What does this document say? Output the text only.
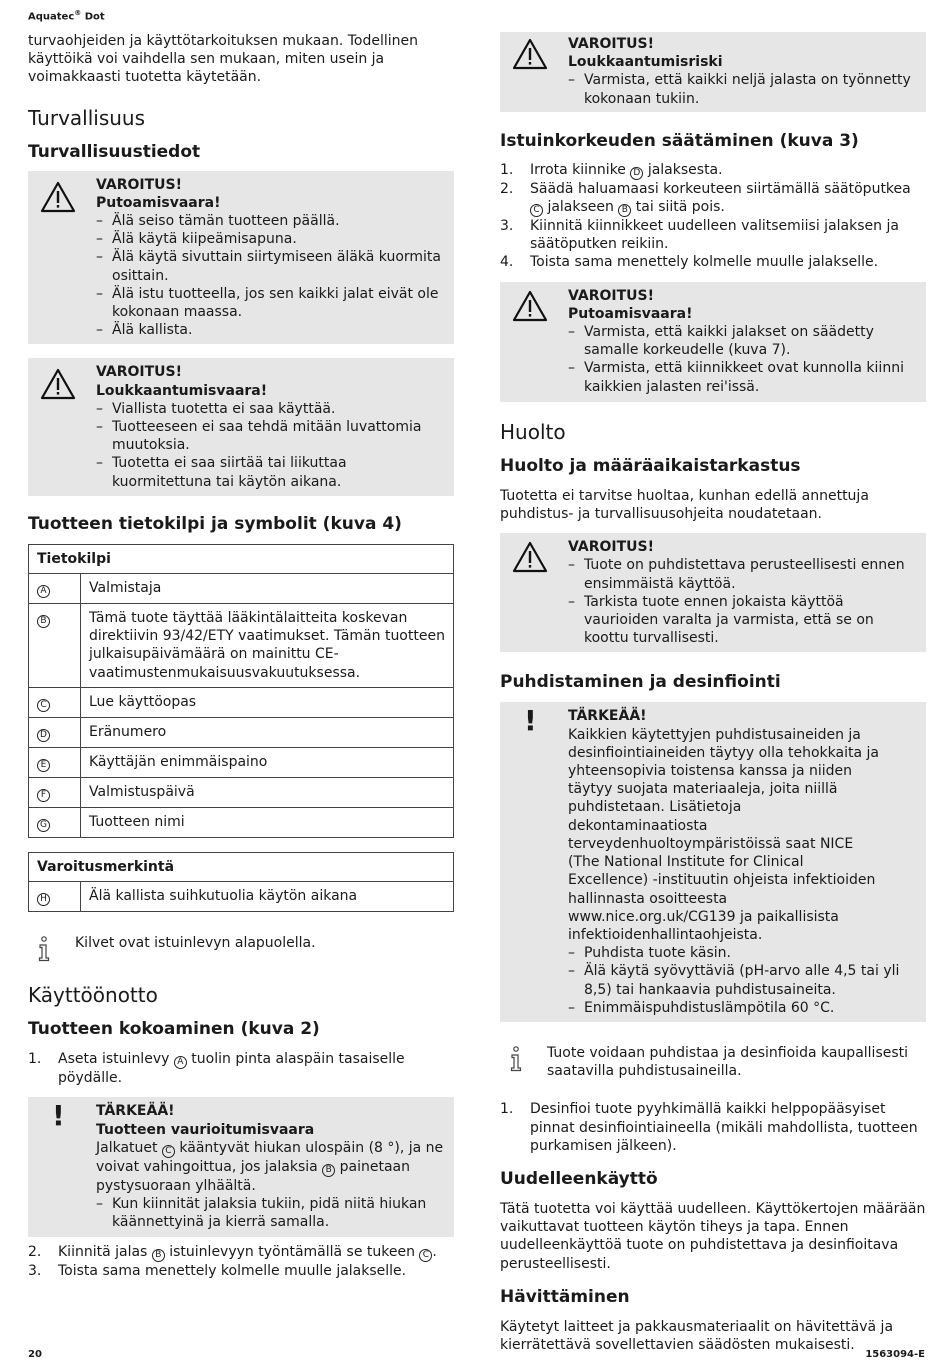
Aquatec® Dot

turvaohjeiden ja käyttötarkoituksen mukaan. Todellinen käyttöikä voi vaihdella sen mukaan, miten usein ja voimakkaasti tuotetta käytetään.

Turvallisuus
Turvallisuustiedot
VAROITUS!
Putoamisvaara!
– Älä seiso tämän tuotteen päällä.
– Älä käytä kiipeämisapuna.
– Älä käytä sivuttain siirtymiseen äläkä kuormita osittain.
– Älä istu tuotteella, jos sen kaikki jalat eivät ole kokonaan maassa.
– Älä kallista.
VAROITUS!
Loukkaantumisvaara!
– Viallista tuotetta ei saa käyttää.
– Tuotteeseen ei saa tehdä mitään luvattomia muutoksia.
– Tuotetta ei saa siirtää tai liikuttaa kuormitettuna tai käytön aikana.
Tuotteen tietokilpi ja symbolit (kuva 4)
Tietokilpi	
A	Valmistaja
B	Tämä tuote täyttää lääkintälaitteita koskevan direktiivin 93/42/ETY vaatimukset. Tämän tuotteen julkaisupäivämäärä on mainittu CE-vaatimustenmukaisuusvakuutuksessa.
C	Lue käyttöopas
D	Eränumero
E	Käyttäjän enimmäispaino
F	Valmistuspäivä
G	Tuotteen nimi
Varoitusmerkintä
H	Älä kallista suihkutuolia käytön aikana
Kilvet ovat istuinlevyn alapuolella.
Käyttöönotto
Tuotteen kokoaminen (kuva 2)
1. Aseta istuinlevy A tuolin pinta alaspäin tasaiselle pöydälle.
! TÄRKEÄÄ!
Tuotteen vaurioitumisvaara
Jalkatuet C kääntyvät hiukan ulospäin (8 °), ja ne voivat vahingoittua, jos jalaksia B painetaan pystysuoraan ylhäältä.
– Kun kiinnität jalaksia tukiin, pidä niitä hiukan käännettyinä ja kierrä samalla.
2. Kiinnitä jalas B istuinlevyyn työntämällä se tukeen C .
3. Toista sama menettely kolmelle muulle jalakselle.
VAROITUS!
Loukkaantumisriski
– Varmista, että kaikki neljä jalasta on työnnetty kokonaan tukiin.
Istuinkorkeuden säätäminen (kuva 3)
1. Irrota kiinnike D jalaksesta.
2. Säädä haluamaasi korkeuteen siirtämällä säätöputkea C jalakseen B tai siitä pois.
3. Kiinnitä kiinnikkeet uudelleen valitsemiisi jalaksen ja säätöputken reikiin.
4. Toista sama menettely kolmelle muulle jalakselle.
VAROITUS!
Putoamisvaara!
– Varmista, että kaikki jalakset on säädetty samalle korkeudelle (kuva 7).
– Varmista, että kiinnikkeet ovat kunnolla kiinni kaikkien jalasten rei'issä.
Huolto
Huolto ja määräaikaistarkastus

Tuotetta ei tarvitse huoltaa, kunhan edellä annettuja puhdistus- ja turvallisuusohjeita noudatetaan.

VAROITUS!
– Tuote on puhdistettava perusteellisesti ennen ensimmäistä käyttöä.
– Tarkista tuote ennen jokaista käyttöä vaurioiden varalta ja varmista, että se on koottu turvallisesti.
Puhdistaminen ja desinfiointi
! TÄRKEÄÄ!
Kaikkien käytettyjen puhdistusaineiden ja desinfiointiaineiden täytyy olla tehokkaita ja yhteensopivia toistensa kanssa ja niiden täytyy suojata materiaaleja, joita niillä puhdistetaan. Lisätietoja dekontaminaatiosta terveydenhuoltoympäristöissä saat NICE (The National Institute for Clinical Excellence) -instituutin ohjeista infektioiden hallinnasta osoitteesta www.nice.org.uk/CG139 ja paikallisista infektioidenhallintaohjeista.
– Puhdista tuote käsin.
– Älä käytä syövyttäviä (pH-arvo alle 4,5 tai yli 8,5) tai hankaavia puhdistusaineita.
– Enimmäispuhdistuslämpötila 60 °C.
Tuote voidaan puhdistaa ja desinfioida kaupallisesti saatavilla puhdistusaineilla.
1. Desinfioi tuote pyyhkimällä kaikki helppopääsyiset pinnat desinfiointiaineella (mikäli mahdollista, tuotteen purkamisen jälkeen).
Uudelleenkäyttö

Tätä tuotetta voi käyttää uudelleen. Käyttökertojen määrään vaikuttavat tuotteen käytön tiheys ja tapa. Ennen uudelleenkäyttöä tuote on puhdistettava ja desinfioitava perusteellisesti.

Hävittäminen

Käytetyt laitteet ja pakkausmateriaalit on hävitettävä ja kierrätettävä sovellettavien säädösten mukaisesti.

20	1563094-E
